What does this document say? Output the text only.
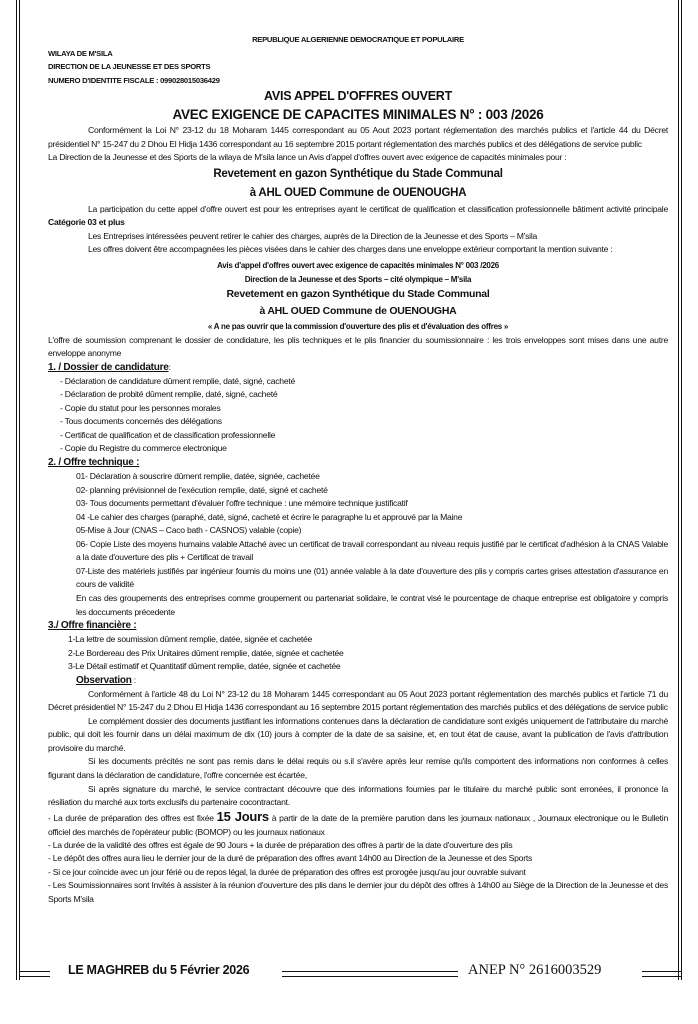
REPUBLIQUE ALGERIENNE DEMOCRATIQUE ET POPULAIRE
WILAYA DE M'SILA
DIRECTION DE LA JEUNESSE ET DES SPORTS
NUMERO D'IDENTITE FISCALE : 099028015036429
AVIS APPEL D'OFFRES OUVERT
AVEC EXIGENCE DE CAPACITES MINIMALES N° : 003 /2026
Conformément la Loi N° 23-12 du 18 Moharam 1445 correspondant au 05 Aout 2023 portant réglementation des marchés publics et l'article 44 du Décret présidentiel N° 15-247 du 2 Dhou El Hidja 1436 correspondant au 16 septembre 2015 portant réglementation des marchés publics et des délégations de service public
La Direction de la Jeunesse et des Sports de la wilaya de M'sila lance un Avis d'appel d'offres ouvert avec exigence de capacités minimales pour :
Revetement en gazon Synthétique du Stade Communal
à AHL OUED Commune de OUENOUGHA
La participation du cette appel d'offre ouvert est pour les entreprises ayant le certificat de qualification et classification professionnelle bâtiment activité principale Catégorie 03 et plus
Les Entreprises intéressées peuvent retirer le cahier des charges, auprès de la Direction de la Jeunesse et des Sports – M'sila
Les offres doivent être accompagnées les pièces visées dans le cahier des charges dans une enveloppe extérieur comportant la mention suivante :
Avis d'appel d'offres ouvert avec exigence de capacités minimales N° 003 /2026
Direction de la Jeunesse et des Sports – cité olympique – M'sila
Revetement en gazon Synthétique du Stade Communal
à AHL OUED Commune de OUENOUGHA
« A ne pas ouvrir que la commission d'ouverture des plis et d'évaluation des offres »
L'offre de soumission comprenant le dossier de condidature, les plis techniques et le plis financier du soumissionnaire : les trois enveloppes sont mises dans une autre enveloppe anonyme
1. / Dossier de candidature:
- Déclaration de candidature dûment remplie, daté, signé, cacheté
- Déclaration de probité dûment remplie, daté, signé, cacheté
- Copie du statut pour les personnes morales
- Tous documents concernés des délégations
- Certificat de qualification et de classification professionnelle
- Copie du Registre du commerce electronique
2. / Offre technique :
01- Déclaration à souscrire dûment remplie, datée, signée, cachetée
02- planning prévisionnel de l'exécution remplie, daté, signé et cacheté
03- Tous documents permettant d'évaluer l'offre technique : une mémoire technique justificatif
04 -Le cahier des charges (paraphé, daté, signé, cacheté et écrire le paragraphe lu et approuvé par la Maine
05-Mise à Jour (CNAS – Caco bath - CASNOS) valable (copie)
06- Copie Liste des moyens humains valable Attaché avec un certificat de travail correspondant au niveau requis justifié par le certificat d'adhésion à la CNAS Valable a la date d'ouverture des plis + Certificat de travail
07-Liste des matériels justifiés par ingénieur fournis du moins une (01) année valable à la date d'ouverture des plis y compris cartes grises attestation d'assurance en cours de validité
En cas des groupements des entreprises comme groupement ou partenariat solidaire, le contrat visé le pourcentage de chaque entreprise est obligatoire y compris les doccuments précedente
3./ Offre financière :
1-La lettre de soumission dûment remplie, datée, signée et cachetée
2-Le Bordereau des Prix Unitaires dûment remplie, datée, signée et cachetée
3-Le Détail estimatif et Quantitatif dûment remplie, datée, signée et cachetée
Observation :
Conformément à l'article 48 du Loi N° 23-12 du 18 Moharam 1445 correspondant au 05 Aout 2023 portant réglementation des marchés publics et l'article 71 du Décret présidentiel N° 15-247 du 2 Dhou El Hidja 1436 correspondant au 16 septembre 2015 portant réglementation des marchés publics et des délégations de service public
Le complément dossier des documents justifiant les informations contenues dans la déclaration de candidature sont exigés uniquement de l'attributaire du marché public, qui doit les fournir dans un délai maximum de dix (10) jours à compter de la date de sa saisine, et, en tout état de cause, avant la publication de l'avis d'attribution provisoire du marché.
Si les documents précités ne sont pas remis dans le délai requis ou s.il s'avère après leur remise qu'ils comportent des informations non conformes à celles figurant dans la déclaration de candidature, l'offre concernée est écartée,
Si après signature du marché, le service contractant découvre que des informations fournies par le titulaire du marché public sont erronées, il prononce la résiliation du marché aux torts exclusifs du partenaire cocontractant.
- La durée de préparation des offres est fixée 15 Jours à partir de la date de la première parution dans les journaux nationaux , Journaux electronique ou le Bulletin officiel des marchés de l'opérateur public (BOMOP) ou les journaux nationaux
- La durée de la validité des offres est égale de 90 Jours + la durée de préparation des offres à partir de la date d'ouverture des plis
- Le dépôt des offres aura lieu le dernier jour de la duré de préparation des offres avant 14h00 au Direction de la Jeunesse et des Sports
- Si ce jour coïncide avec un jour férié ou de repos légal, la durée de préparation des offres est prorogée jusqu'au jour ouvrable suivant
- Les Soumissionnaires sont Invités à assister à la réunion d'ouverture des plis dans le dernier jour du dépôt des offres à 14h00 au Siège de la Direction de la Jeunesse et des Sports M'sila
LE MAGHREB du 5 Février 2026	ANEP N° 2616003529
